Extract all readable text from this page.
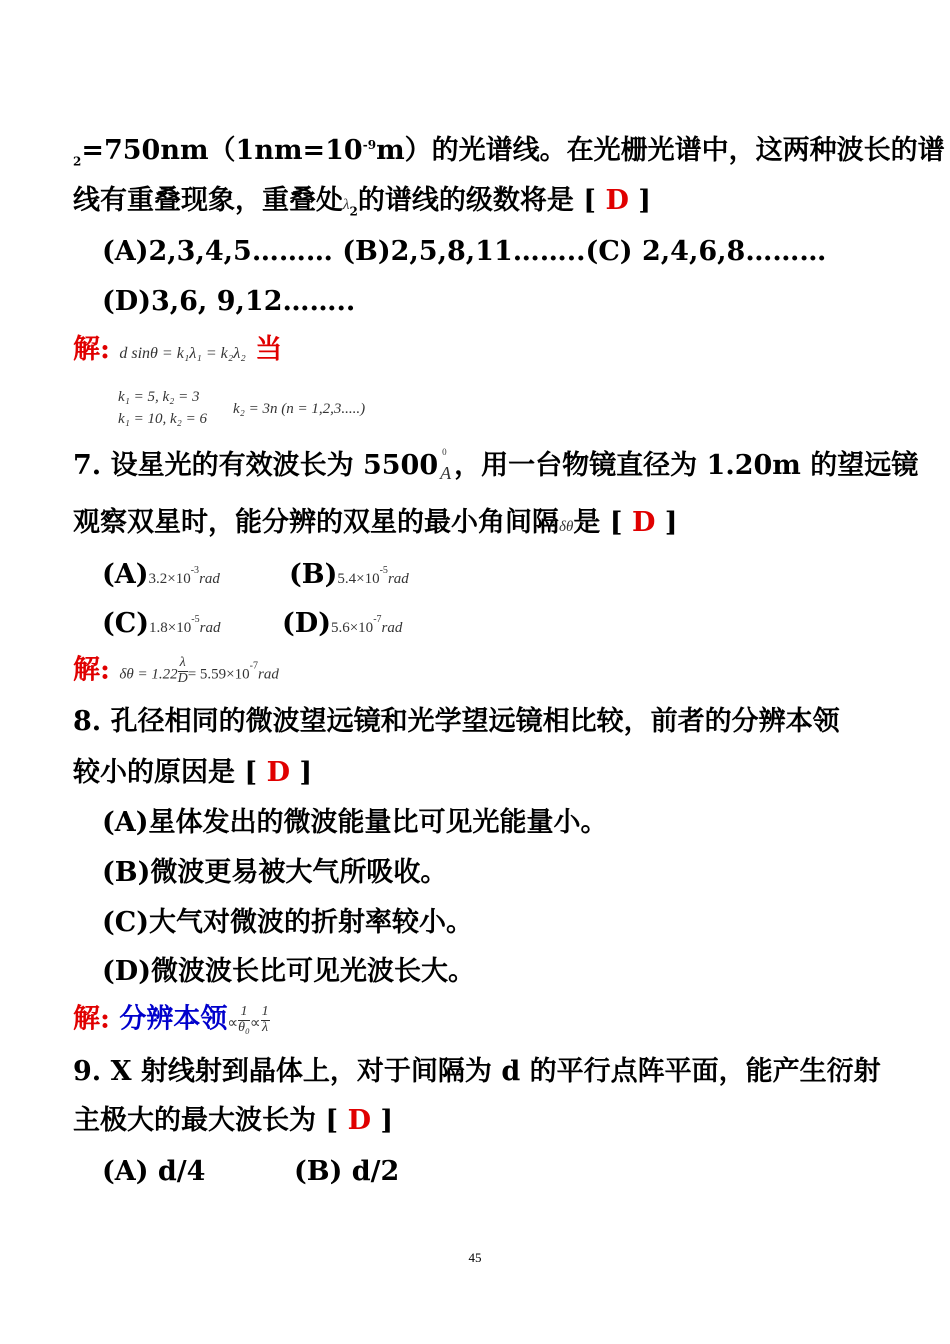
$_2=750nm(1nm=10^{-9}m)$的光谱线。在光栅光谱中，这两种波长的谱
线有重叠现象，重叠处$\lambda_2$的谱线的级数将是 [ D ]
(A)2,3,4,5……… (B)2,5,8,11……..(C) 2,4,6,8………
(D)3,6, 9,12……..
解: d sinθ = k₁λ₁ = k₂λ₂ 当
k₁ = 5, k₂ = 3
k₁ = 10, k₂ = 6
k₂ = 3n (n = 1,2,3.....)
7. 设星光的有效波长为 5500 0
A ，用一台物镜直径为 1.20m 的望远镜
观察双星时，能分辨的双星的最小角间隔δθ是 [ D ]
$(A)3.2\times 10^{-3}rad$	$(B)5.4\times 10^{-5}rad$
$(C)1.8\times 10^{-5}rad$ $(D)5.6\times 10^{-7}rad$
解: $\delta\theta = 1.22 \frac{\lambda}{D} = 5.59\times 10^{-7}rad$
8. 孔径相同的微波望远镜和光学望远镜相比较，前者的分辨本领
较小的原因是 [ D ]
(A)星体发出的微波能量比可见光能量小。
(B)微波更易被大气所吸收。
(C)大气对微波的折射率较小。
(D)微波波长比可见光波长大。
解: 分辨本领∝ $\frac{1}{\text{θ₀}} \propto \frac{1}{\lambda}$
9. X 射线射到晶体上，对于间隔为 d 的平行点阵平面，能产生衍射
主极大的最大波长为 [ D ]
(A) d/4	(B) d/2
45
